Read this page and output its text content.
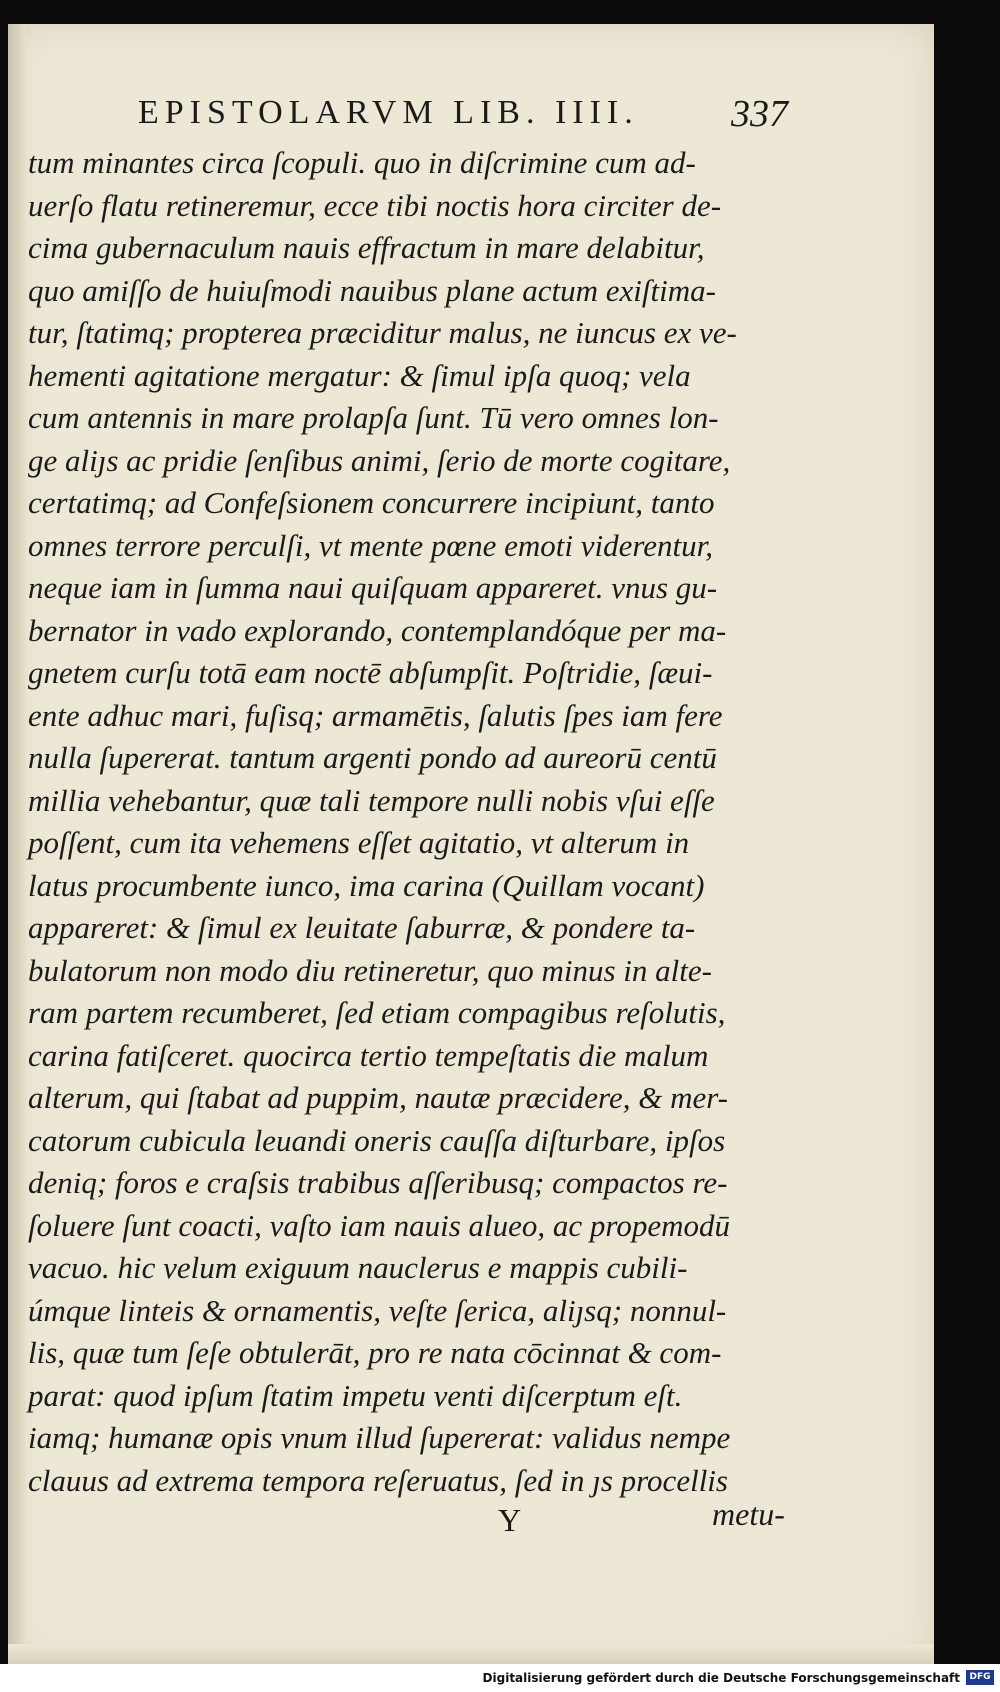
EPISTOLARVM LIB. IIII. 337
tum minantes circa ſcopuli. quo in diſcrimine cum ad-
uerſo flatu retineremur, ecce tibi noctis hora circiter de-
cima gubernaculum nauis effractum in mare delabitur,
quo amiſſo de huiuſmodi nauibus plane actum exiſtima-
tur, ſtatimq; propterea præciditur malus, ne iuncus ex ve-
hementi agitatione mergatur: & ſimul ipſa quoq; vela
cum antennis in mare prolapſa ſunt. Tū vero omnes lon-
ge aliȷs ac pridie ſenſibus animi, ſerio de morte cogitare,
certatimq; ad Confeſsionem concurrere incipiunt, tanto
omnes terrore perculſi, vt mente pœne emoti viderentur,
neque iam in ſumma naui quiſquam appareret. vnus gu-
bernator in vado explorando, contemplandóque per ma-
gnetem curſu totā eam noctē abſumpſit. Poſtridie, ſæui-
ente adhuc mari, fuſisq; armamētis, ſalutis ſpes iam fere
nulla ſupererat. tantum argenti pondo ad aureorū centū
millia vehebantur, quæ tali tempore nulli nobis vſui eſſe
poſſent, cum ita vehemens eſſet agitatio, vt alterum in
latus procumbente iunco, ima carina (Quillam vocant)
appareret: & ſimul ex leuitate ſaburræ, & pondere ta-
bulatorum non modo diu retineretur, quo minus in alte-
ram partem recumberet, ſed etiam compagibus reſolutis,
carina fatiſceret. quocirca tertio tempeſtatis die malum
alterum, qui ſtabat ad puppim, nautæ præcidere, & mer-
catorum cubicula leuandi oneris cauſſa diſturbare, ipſos
deniq; foros e craſsis trabibus aſſeribusq; compactos re-
ſoluere ſunt coacti, vaſto iam nauis alueo, ac propemodū
vacuo. hic velum exiguum nauclerus e mappis cubili-
úmque linteis & ornamentis, veſte ſerica, aliȷsq; nonnul-
lis, quæ tum ſeſe obtulerāt, pro re nata cōcinnat & com-
parat: quod ipſum ſtatim impetu venti diſcerptum eſt.
iamq; humanæ opis vnum illud ſupererat: validus nempe
clauus ad extrema tempora reſeruatus, ſed in ȷs procellis
Y	metu-
Digitalisierung gefördert durch die Deutsche Forschungsgemeinschaft	DFG
